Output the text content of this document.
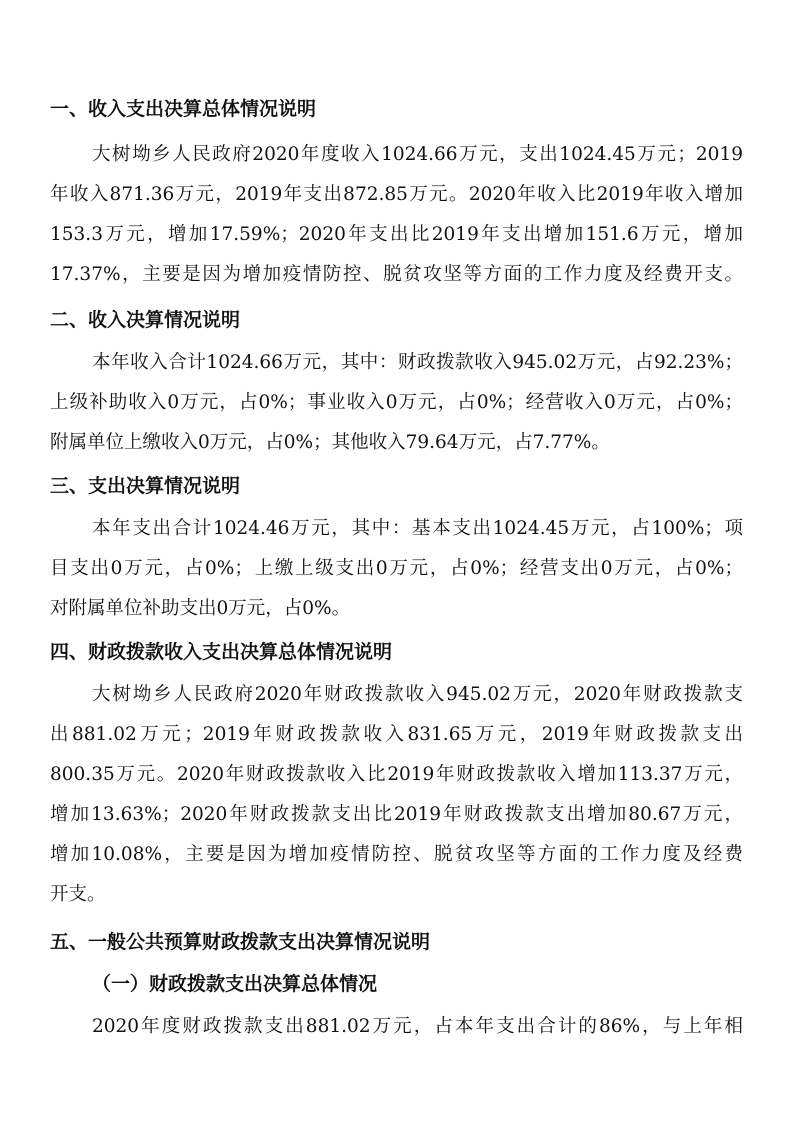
一、收入支出决算总体情况说明

大树坳乡人民政府2020年度收入1024.66万元，支出1024.45万元；2019

年收入871.36万元，2019年支出872.85万元。2020年收入比2019年收入增加

153.3万元，增加17.59%；2020年支出比2019年支出增加151.6万元，增加

17.37%，主要是因为增加疫情防控、脱贫攻坚等方面的工作力度及经费开支。

二、收入决算情况说明

本年收入合计1024.66万元，其中：财政拨款收入945.02万元，占92.23%；

上级补助收入0万元，占0%；事业收入0万元，占0%；经营收入0万元，占0%；

附属单位上缴收入0万元，占0%；其他收入79.64万元，占7.77%。

三、支出决算情况说明

本年支出合计1024.46万元，其中：基本支出1024.45万元，占100%；项

目支出0万元，占0%；上缴上级支出0万元，占0%；经营支出0万元，占0%；

对附属单位补助支出0万元，占0%。

四、财政拨款收入支出决算总体情况说明

大树坳乡人民政府2020年财政拨款收入945.02万元，2020年财政拨款支

出881.02万元；2019年财政拨款收入831.65万元，2019年财政拨款支出

800.35万元。2020年财政拨款收入比2019年财政拨款收入增加113.37万元，

增加13.63%；2020年财政拨款支出比2019年财政拨款支出增加80.67万元，

增加10.08%，主要是因为增加疫情防控、脱贫攻坚等方面的工作力度及经费

开支。

五、一般公共预算财政拨款支出决算情况说明
（一）财政拨款支出决算总体情况

2020年度财政拨款支出881.02万元，占本年支出合计的86%，与上年相
